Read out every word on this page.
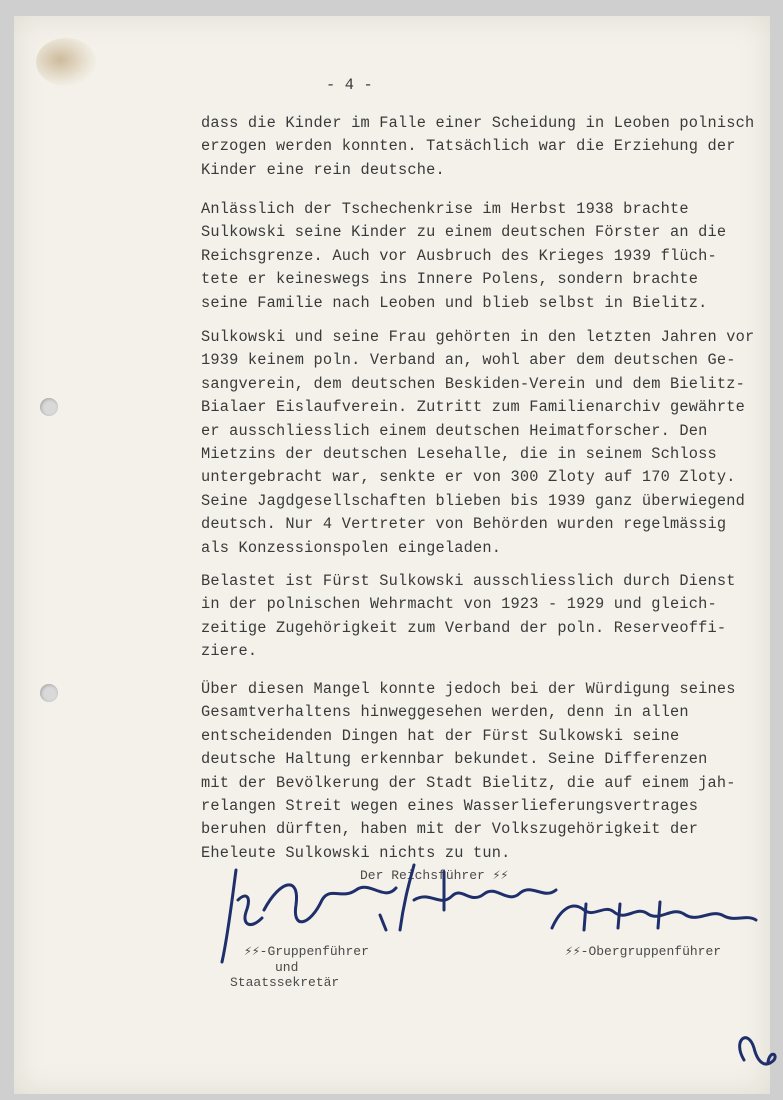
- 4 -
dass die Kinder im Falle einer Scheidung in Leoben polnisch
erzogen werden konnten. Tatsächlich war die Erziehung der
Kinder eine rein deutsche.
Anlässlich der Tschechenkrise im Herbst 1938 brachte
Sulkowski seine Kinder zu einem deutschen Förster an die
Reichsgrenze. Auch vor Ausbruch des Krieges 1939 flüch-
tete er keineswegs ins Innere Polens, sondern brachte
seine Familie nach Leoben und blieb selbst in Bielitz.
Sulkowski und seine Frau gehörten in den letzten Jahren vor
1939 keinem poln. Verband an, wohl aber dem deutschen Ge-
sangverein, dem deutschen Beskiden-Verein und dem Bielitz-
Bialaer Eislaufverein. Zutritt zum Familienarchiv gewährte
er ausschliesslich einem deutschen Heimatforscher. Den
Mietzins der deutschen Lesehalle, die in seinem Schloss
untergebracht war, senkte er von 300 Zloty auf 170 Zloty.
Seine Jagdgesellschaften blieben bis 1939 ganz überwiegend
deutsch. Nur 4 Vertreter von Behörden wurden regelmässig
als Konzessionspolen eingeladen.
Belastet ist Fürst Sulkowski ausschliesslich durch Dienst
in der polnischen Wehrmacht von 1923 - 1929 und gleich-
zeitige Zugehörigkeit zum Verband der poln. Reserveoffi-
ziere.
Über diesen Mangel konnte jedoch bei der Würdigung seines
Gesamtverhaltens hinweggesehen werden, denn in allen
entscheidenden Dingen hat der Fürst Sulkowski seine
deutsche Haltung erkennbar bekundet. Seine Differenzen
mit der Bevölkerung der Stadt Bielitz, die auf einem jah-
relangen Streit wegen eines Wasserlieferungsvertrages
beruhen dürften, haben mit der Volkszugehörigkeit der
Eheleute Sulkowski nichts zu tun.
Der Reichsführer ⚡⚡
⚡⚡-Gruppenführer
und
Staatssekretär
⚡⚡-Obergruppenführer
